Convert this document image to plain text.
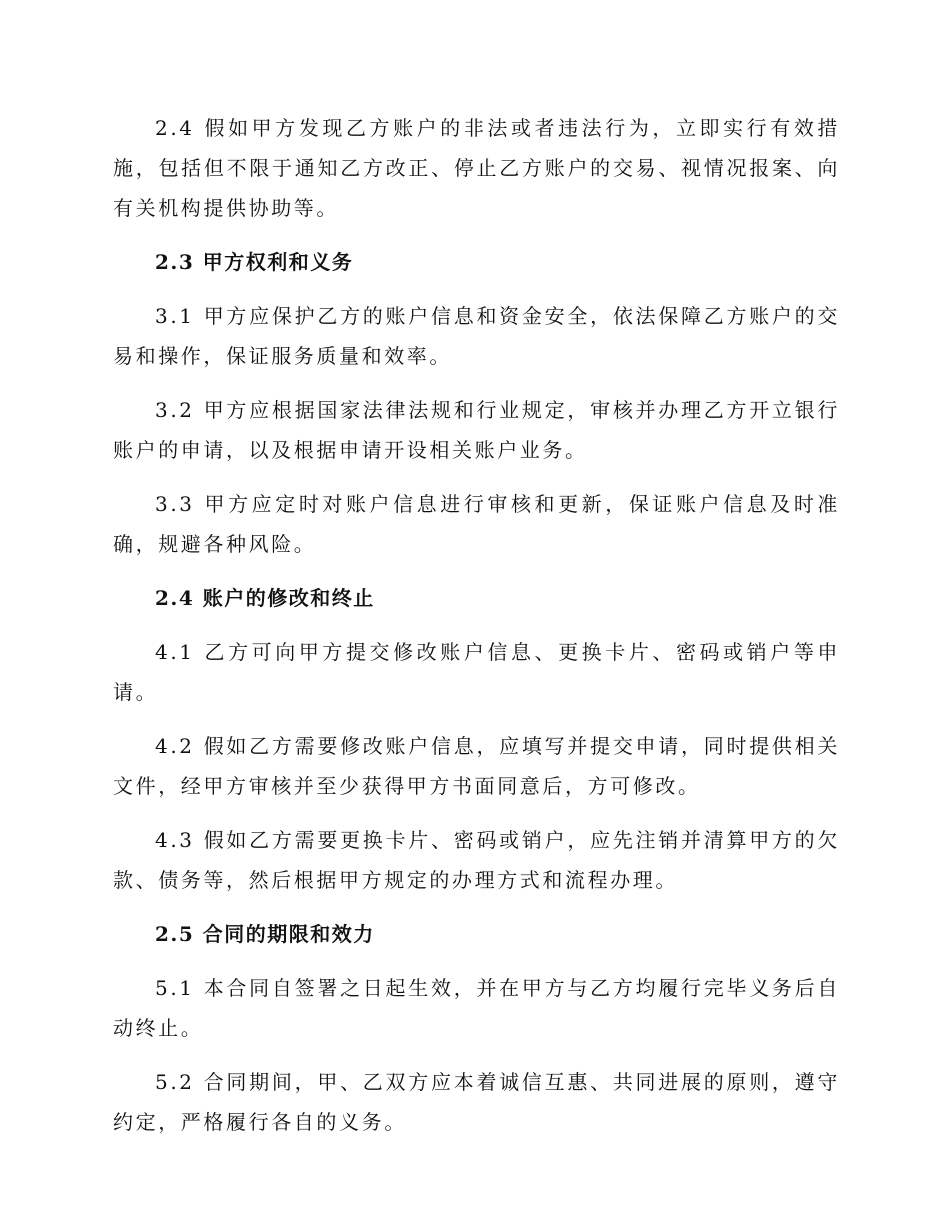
2.4 假如甲方发现乙方账户的非法或者违法行为，立即实行有效措施，包括但不限于通知乙方改正、停止乙方账户的交易、视情况报案、向有关机构提供协助等。

2.3 甲方权利和义务

3.1 甲方应保护乙方的账户信息和资金安全，依法保障乙方账户的交易和操作，保证服务质量和效率。

3.2 甲方应根据国家法律法规和行业规定，审核并办理乙方开立银行账户的申请，以及根据申请开设相关账户业务。

3.3 甲方应定时对账户信息进行审核和更新，保证账户信息及时准确，规避各种风险。

2.4 账户的修改和终止

4.1 乙方可向甲方提交修改账户信息、更换卡片、密码或销户等申请。

4.2 假如乙方需要修改账户信息，应填写并提交申请，同时提供相关文件，经甲方审核并至少获得甲方书面同意后，方可修改。

4.3 假如乙方需要更换卡片、密码或销户，应先注销并清算甲方的欠款、债务等，然后根据甲方规定的办理方式和流程办理。

2.5 合同的期限和效力

5.1 本合同自签署之日起生效，并在甲方与乙方均履行完毕义务后自动终止。

5.2 合同期间，甲、乙双方应本着诚信互惠、共同进展的原则，遵守约定，严格履行各自的义务。
